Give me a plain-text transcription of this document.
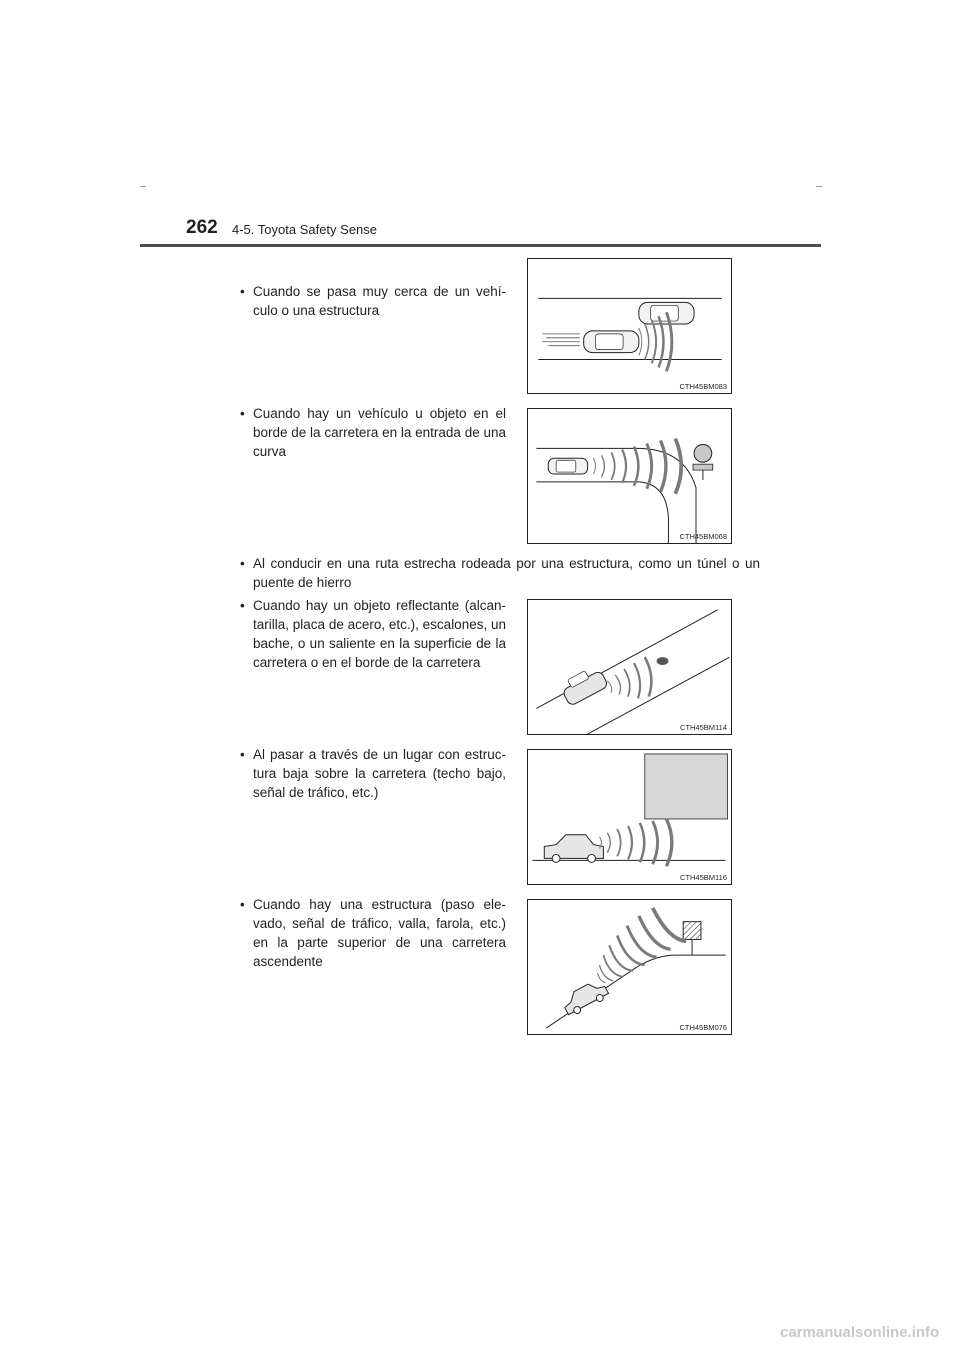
262 4-5. Toyota Safety Sense
• Cuando se pasa muy cerca de un vehí-culo o una estructura
CTH45BM083
• Cuando hay un vehículo u objeto en el borde de la carretera en la entrada de una curva
CTH45BM068
• Al conducir en una ruta estrecha rodeada por una estructura, como un túnel o un puente de hierro
• Cuando hay un objeto reflectante (alcan-tarilla, placa de acero, etc.), escalones, un bache, o un saliente en la superficie de la carretera o en el borde de la carretera
CTH45BM114
• Al pasar a través de un lugar con estruc-tura baja sobre la carretera (techo bajo, señal de tráfico, etc.)
CTH45BM116
• Cuando hay una estructura (paso ele-vado, señal de tráfico, valla, farola, etc.) en la parte superior de una carretera ascendente
CTH45BM076
carmanualsonline.info
